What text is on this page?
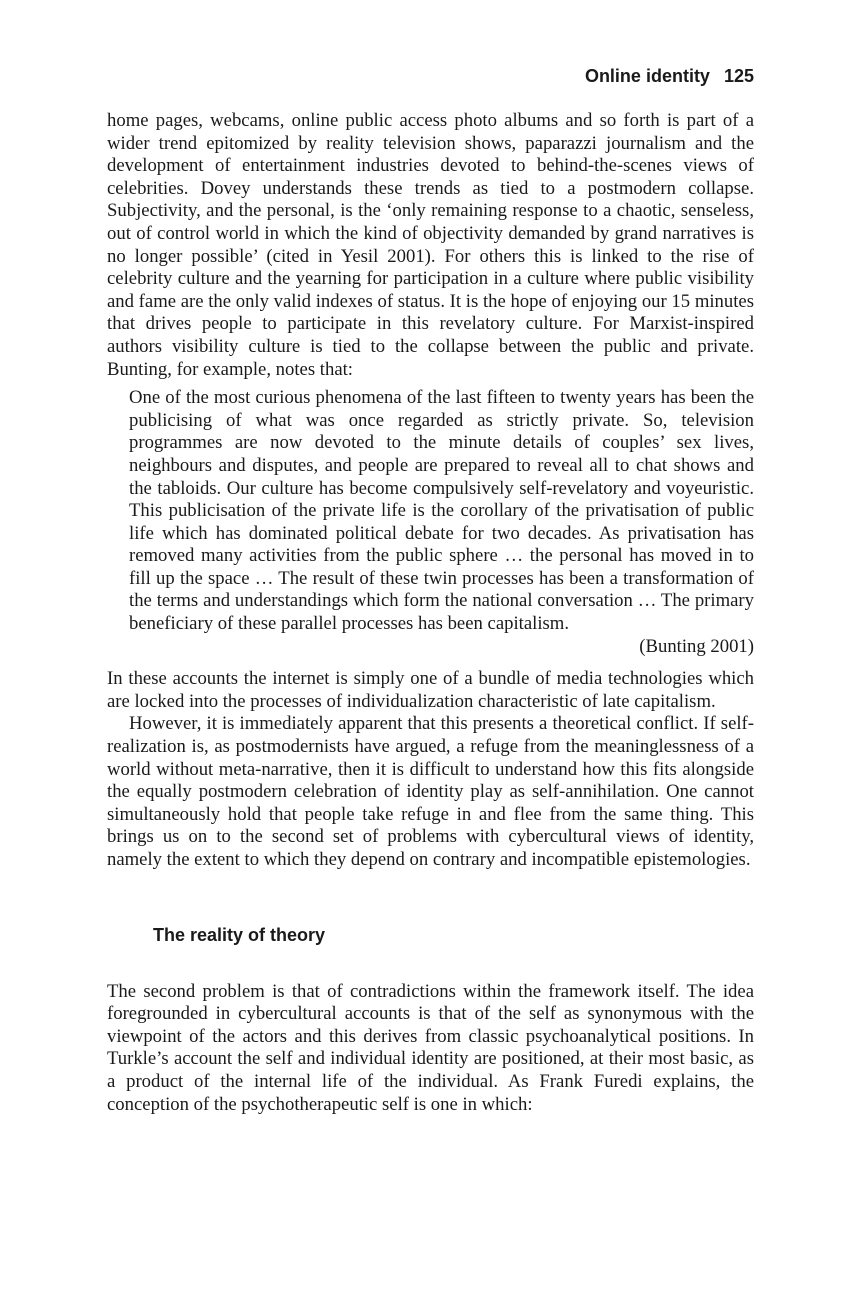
Online identity 125

home pages, webcams, online public access photo albums and so forth is part of a wider trend epitomized by reality television shows, paparazzi journalism and the development of entertainment industries devoted to behind-the-scenes views of celebrities. Dovey understands these trends as tied to a postmodern collapse. Subjectivity, and the personal, is the ‘only remaining response to a chaotic, senseless, out of control world in which the kind of objectivity demanded by grand narratives is no longer possible’ (cited in Yesil 2001). For others this is linked to the rise of celebrity culture and the yearning for participation in a culture where public visibility and fame are the only valid indexes of status. It is the hope of enjoying our 15 minutes that drives people to participate in this revelatory culture. For Marxist-inspired authors visibility culture is tied to the collapse between the public and private. Bunting, for example, notes that:

One of the most curious phenomena of the last fifteen to twenty years has been the publicising of what was once regarded as strictly private. So, television programmes are now devoted to the minute details of couples’ sex lives, neighbours and disputes, and people are prepared to reveal all to chat shows and the tabloids. Our culture has become compulsively self-revelatory and voyeuristic. This publicisation of the private life is the corollary of the privatisation of public life which has dominated political debate for two decades. As privatisation has removed many activities from the public sphere … the personal has moved in to fill up the space … The result of these twin processes has been a transformation of the terms and understandings which form the national conversation … The primary beneficiary of these parallel processes has been capitalism.

(Bunting 2001)

In these accounts the internet is simply one of a bundle of media technologies which are locked into the processes of individualization characteristic of late capitalism.

However, it is immediately apparent that this presents a theoretical conflict. If self-realization is, as postmodernists have argued, a refuge from the meaninglessness of a world without meta-narrative, then it is difficult to understand how this fits alongside the equally postmodern celebration of identity play as self-annihilation. One cannot simultaneously hold that people take refuge in and flee from the same thing. This brings us on to the second set of problems with cybercultural views of identity, namely the extent to which they depend on contrary and incompatible epistemologies.

The reality of theory

The second problem is that of contradictions within the framework itself. The idea foregrounded in cybercultural accounts is that of the self as synonymous with the viewpoint of the actors and this derives from classic psychoanalytical positions. In Turkle’s account the self and individual identity are positioned, at their most basic, as a product of the internal life of the individual. As Frank Furedi explains, the conception of the psychotherapeutic self is one in which:
